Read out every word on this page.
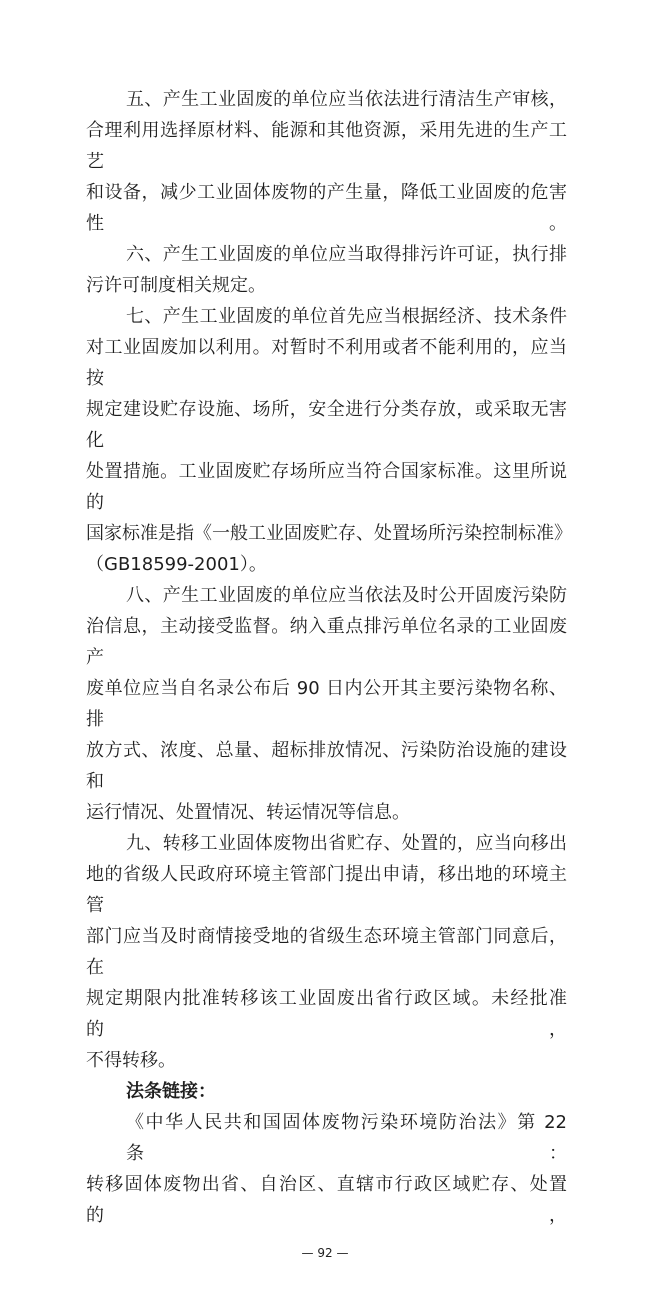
五、产生工业固废的单位应当依法进行清洁生产审核，
合理利用选择原材料、能源和其他资源，采用先进的生产工艺
和设备，减少工业固体废物的产生量，降低工业固废的危害性。
六、产生工业固废的单位应当取得排污许可证，执行排
污许可制度相关规定。
七、产生工业固废的单位首先应当根据经济、技术条件
对工业固废加以利用。对暂时不利用或者不能利用的，应当按
规定建设贮存设施、场所，安全进行分类存放，或采取无害化
处置措施。工业固废贮存场所应当符合国家标准。这里所说的
国家标准是指《一般工业固废贮存、处置场所污染控制标准》
（GB18599-2001）。
八、产生工业固废的单位应当依法及时公开固废污染防
治信息，主动接受监督。纳入重点排污单位名录的工业固废产
废单位应当自名录公布后 90 日内公开其主要污染物名称、排
放方式、浓度、总量、超标排放情况、污染防治设施的建设和
运行情况、处置情况、转运情况等信息。
九、转移工业固体废物出省贮存、处置的，应当向移出
地的省级人民政府环境主管部门提出申请，移出地的环境主管
部门应当及时商情接受地的省级生态环境主管部门同意后，在
规定期限内批准转移该工业固废出省行政区域。未经批准的，
不得转移。
法条链接：
《中华人民共和国固体废物污染环境防治法》第 22 条：
转移固体废物出省、自治区、直辖市行政区域贮存、处置的，
— 92 —
